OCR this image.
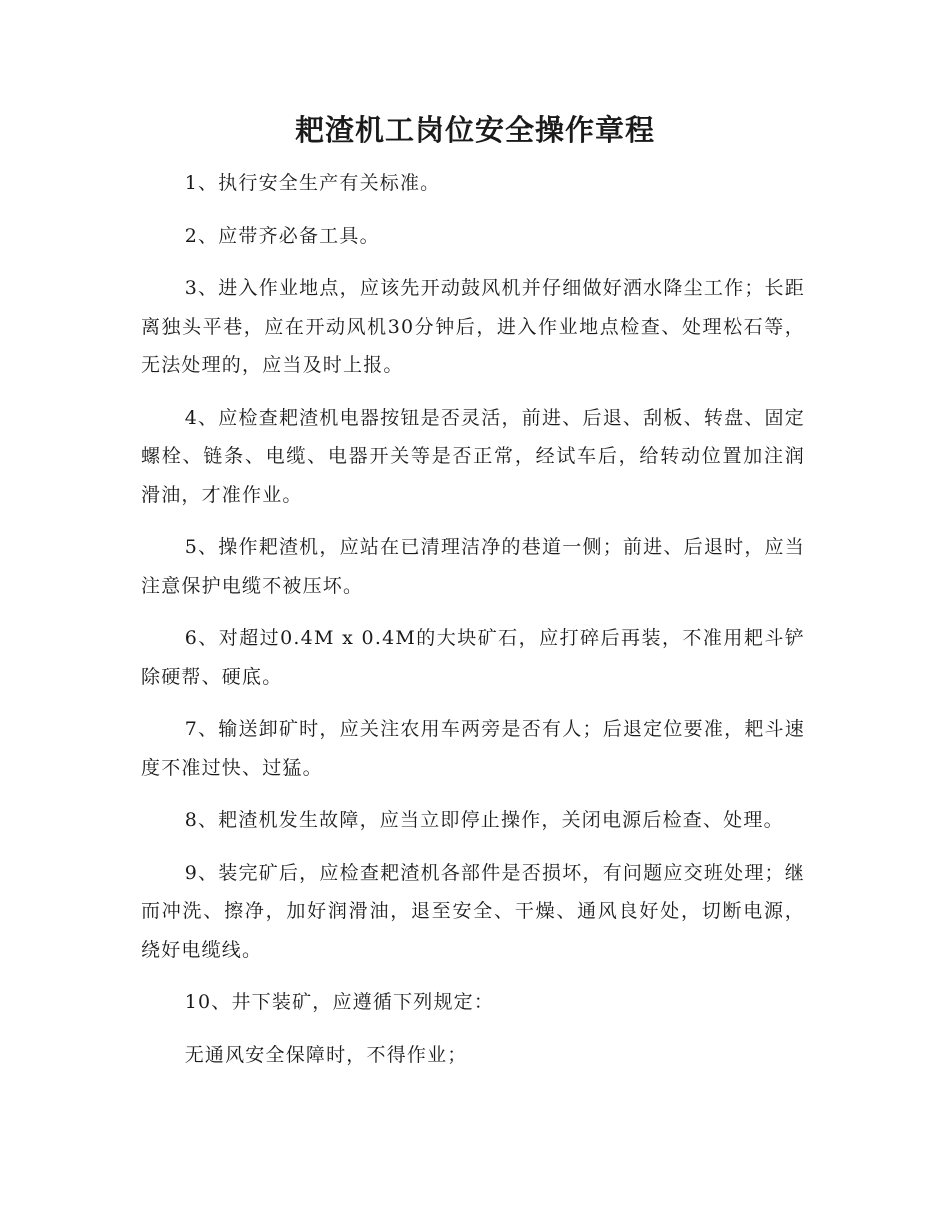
耙渣机工岗位安全操作章程

1、执行安全生产有关标准。

2、应带齐必备工具。

3、进入作业地点，应该先开动鼓风机并仔细做好洒水降尘工作；长距离独头平巷，应在开动风机30分钟后，进入作业地点检查、处理松石等，无法处理的，应当及时上报。

4、应检查耙渣机电器按钮是否灵活，前进、后退、刮板、转盘、固定螺栓、链条、电缆、电器开关等是否正常，经试车后，给转动位置加注润滑油，才准作业。

5、操作耙渣机，应站在已清理洁净的巷道一侧；前进、后退时，应当注意保护电缆不被压坏。

6、对超过0.4M x 0.4M的大块矿石，应打碎后再装，不准用耙斗铲除硬帮、硬底。

7、输送卸矿时，应关注农用车两旁是否有人；后退定位要准，耙斗速度不准过快、过猛。

8、耙渣机发生故障，应当立即停止操作，关闭电源后检查、处理。

9、装完矿后，应检查耙渣机各部件是否损坏，有问题应交班处理；继而冲洗、擦净，加好润滑油，退至安全、干燥、通风良好处，切断电源，绕好电缆线。

10、井下装矿，应遵循下列规定：

无通风安全保障时，不得作业；
